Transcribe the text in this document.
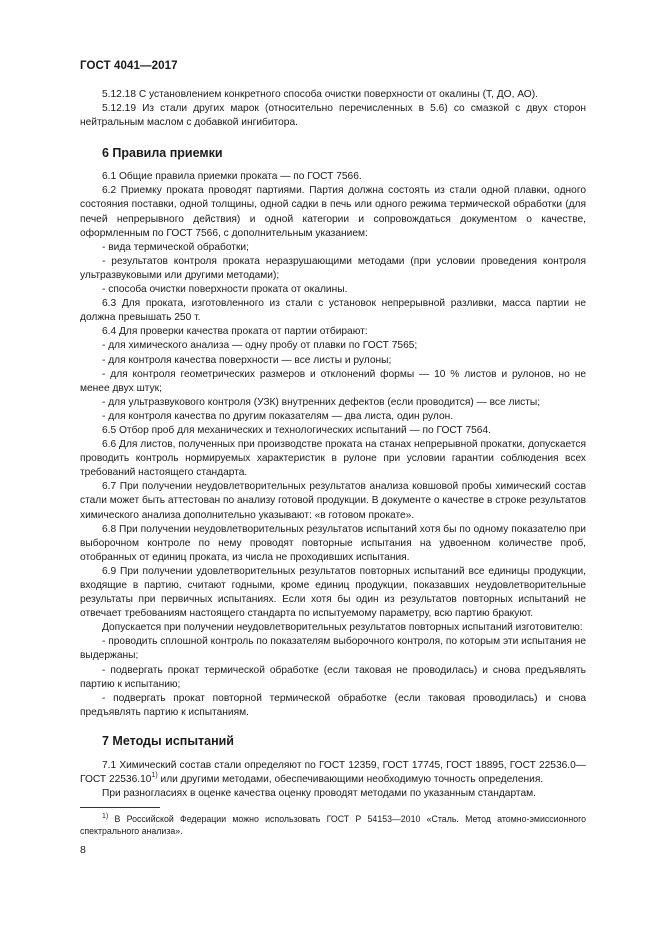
ГОСТ 4041—2017

5.12.18 С установлением конкретного способа очистки поверхности от окалины (Т, ДО, АО).

5.12.19 Из стали других марок (относительно перечисленных в 5.6) со смазкой с двух сторон нейтральным маслом с добавкой ингибитора.

6 Правила приемки

6.1 Общие правила приемки проката — по ГОСТ 7566.

6.2 Приемку проката проводят партиями. Партия должна состоять из стали одной плавки, одного состояния поставки, одной толщины, одной садки в печь или одного режима термической обработки (для печей непрерывного действия) и одной категории и сопровождаться документом о качестве, оформленным по ГОСТ 7566, с дополнительным указанием:

- вида термической обработки;

- результатов контроля проката неразрушающими методами (при условии проведения контроля ультразвуковыми или другими методами);

- способа очистки поверхности проката от окалины.

6.3 Для проката, изготовленного из стали с установок непрерывной разливки, масса партии не должна превышать 250 т.

6.4 Для проверки качества проката от партии отбирают:

- для химического анализа — одну пробу от плавки по ГОСТ 7565;

- для контроля качества поверхности — все листы и рулоны;

- для контроля геометрических размеров и отклонений формы — 10 % листов и рулонов, но не менее двух штук;

- для ультразвукового контроля (УЗК) внутренних дефектов (если проводится) — все листы;

- для контроля качества по другим показателям — два листа, один рулон.

6.5 Отбор проб для механических и технологических испытаний — по ГОСТ 7564.

6.6 Для листов, полученных при производстве проката на станах непрерывной прокатки, допускается проводить контроль нормируемых характеристик в рулоне при условии гарантии соблюдения всех требований настоящего стандарта.

6.7 При получении неудовлетворительных результатов анализа ковшовой пробы химический состав стали может быть аттестован по анализу готовой продукции. В документе о качестве в строке результатов химического анализа дополнительно указывают: «в готовом прокате».

6.8 При получении неудовлетворительных результатов испытаний хотя бы по одному показателю при выборочном контроле по нему проводят повторные испытания на удвоенном количестве проб, отобранных от единиц проката, из числа не проходивших испытания.

6.9 При получении удовлетворительных результатов повторных испытаний все единицы продукции, входящие в партию, считают годными, кроме единиц продукции, показавших неудовлетворительные результаты при первичных испытаниях. Если хотя бы один из результатов повторных испытаний не отвечает требованиям настоящего стандарта по испытуемому параметру, всю партию бракуют.

Допускается при получении неудовлетворительных результатов повторных испытаний изготовителю:

- проводить сплошной контроль по показателям выборочного контроля, по которым эти испытания не выдержаны;

- подвергать прокат термической обработке (если таковая не проводилась) и снова предъявлять партию к испытанию;

- подвергать прокат повторной термической обработке (если таковая проводилась) и снова предъявлять партию к испытаниям.

7 Методы испытаний

7.1 Химический состав стали определяют по ГОСТ 12359, ГОСТ 17745, ГОСТ 18895, ГОСТ 22536.0—ГОСТ 22536.10$^{1)}$ или другими методами, обеспечивающими необходимую точность определения.

При разногласиях в оценке качества оценку проводят методами по указанным стандартам.

$^{1)}$ В Российской Федерации можно использовать ГОСТ Р 54153—2010 «Сталь. Метод атомно-эмиссионного спектрального анализа».

8
